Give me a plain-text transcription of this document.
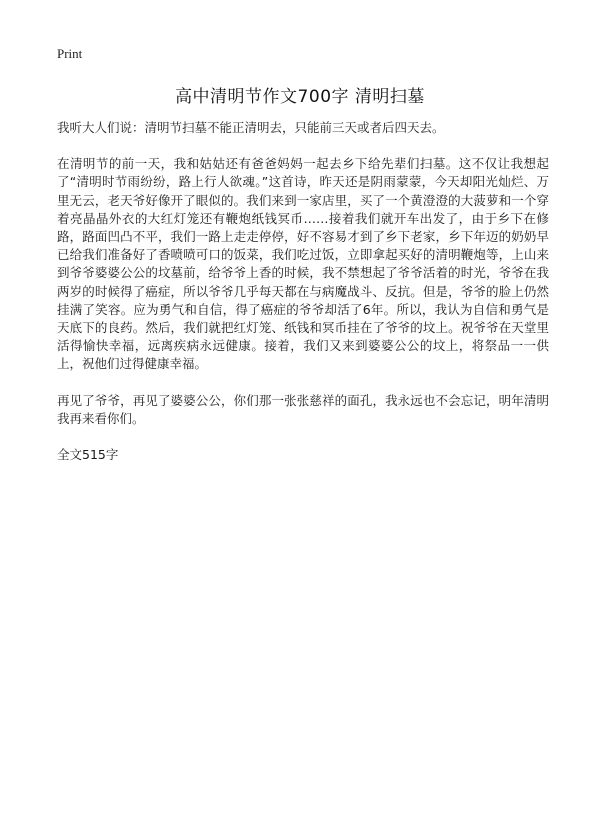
Print
高中清明节作文700字 清明扫墓

我听大人们说：清明节扫墓不能正清明去，只能前三天或者后四天去。

在清明节的前一天，我和姑姑还有爸爸妈妈一起去乡下给先辈们扫墓。这不仅让我想起了“清明时节雨纷纷，路上行人欲魂。”这首诗，昨天还是阴雨蒙蒙，今天却阳光灿烂、万里无云，老天爷好像开了眼似的。我们来到一家店里，买了一个黄澄澄的大菠萝和一个穿着亮晶晶外衣的大红灯笼还有鞭炮纸钱冥币……接着我们就开车出发了，由于乡下在修路，路面凹凸不平，我们一路上走走停停，好不容易才到了乡下老家，乡下年迈的奶奶早已给我们准备好了香喷喷可口的饭菜，我们吃过饭，立即拿起买好的清明鞭炮等，上山来到爷爷婆婆公公的坟墓前，给爷爷上香的时候，我不禁想起了爷爷活着的时光，爷爷在我两岁的时候得了癌症，所以爷爷几乎每天都在与病魔战斗、反抗。但是，爷爷的脸上仍然挂满了笑容。应为勇气和自信，得了癌症的爷爷却活了6年。所以，我认为自信和勇气是天底下的良药。然后，我们就把红灯笼、纸钱和冥币挂在了爷爷的坟上。祝爷爷在天堂里活得愉快幸福，远离疾病永远健康。接着，我们又来到婆婆公公的坟上，将祭品一一供上，祝他们过得健康幸福。

再见了爷爷，再见了婆婆公公，你们那一张张慈祥的面孔，我永远也不会忘记，明年清明我再来看你们。

全文515字
